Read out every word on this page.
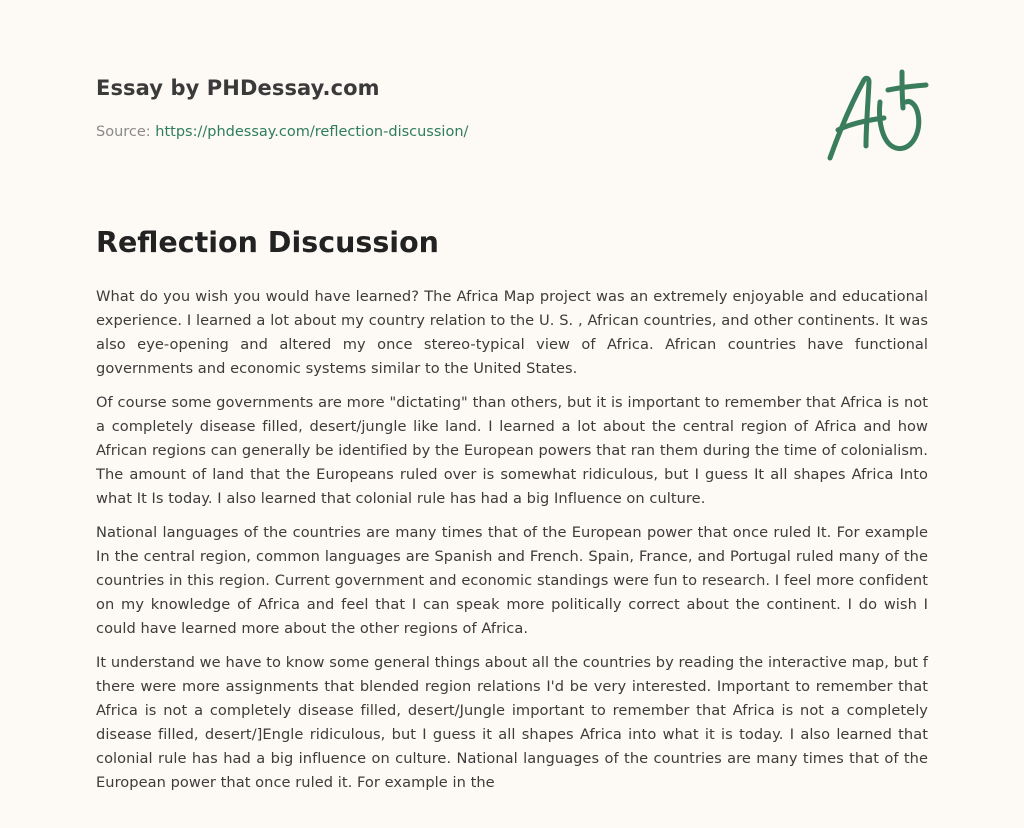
Essay by PHDessay.com
Source: https://phdessay.com/reflection-discussion/
Reflection Discussion

What do you wish you would have learned? The Africa Map project was an extremely enjoyable and educational experience. I learned a lot about my country relation to the U. S. , African countries, and other continents. It was also eye-opening and altered my once stereo-typical view of Africa. African countries have functional governments and economic systems similar to the United States.

Of course some governments are more "dictating" than others, but it is important to remember that Africa is not a completely disease filled, desert/jungle like land. I learned a lot about the central region of Africa and how African regions can generally be identified by the European powers that ran them during the time of colonialism. The amount of land that the Europeans ruled over is somewhat ridiculous, but I guess It all shapes Africa Into what It Is today. I also learned that colonial rule has had a big Influence on culture.

National languages of the countries are many times that of the European power that once ruled It. For example In the central region, common languages are Spanish and French. Spain, France, and Portugal ruled many of the countries in this region. Current government and economic standings were fun to research. I feel more confident on my knowledge of Africa and feel that I can speak more politically correct about the continent. I do wish I could have learned more about the other regions of Africa.

It understand we have to know some general things about all the countries by reading the interactive map, but f there were more assignments that blended region relations I'd be very interested. Important to remember that Africa is not a completely disease filled, desert/Jungle important to remember that Africa is not a completely disease filled, desert/]Engle ridiculous, but I guess it all shapes Africa into what it is today. I also learned that colonial rule has had a big influence on culture. National languages of the countries are many times that of the European power that once ruled it. For example in the
